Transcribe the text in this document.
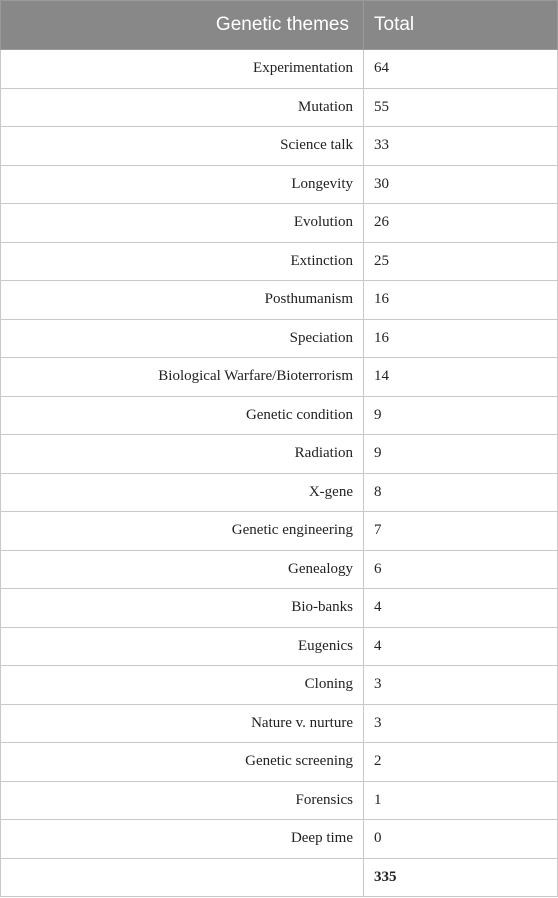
Genetic themes	Total
Experimentation	64
Mutation	55
Science talk	33
Longevity	30
Evolution	26
Extinction	25
Posthumanism	16
Speciation	16
Biological Warfare/Bioterrorism	14
Genetic condition	9
Radiation	9
X-gene	8
Genetic engineering	7
Genealogy	6
Bio-banks	4
Eugenics	4
Cloning	3
Nature v. nurture	3
Genetic screening	2
Forensics	1
Deep time	0
	335
